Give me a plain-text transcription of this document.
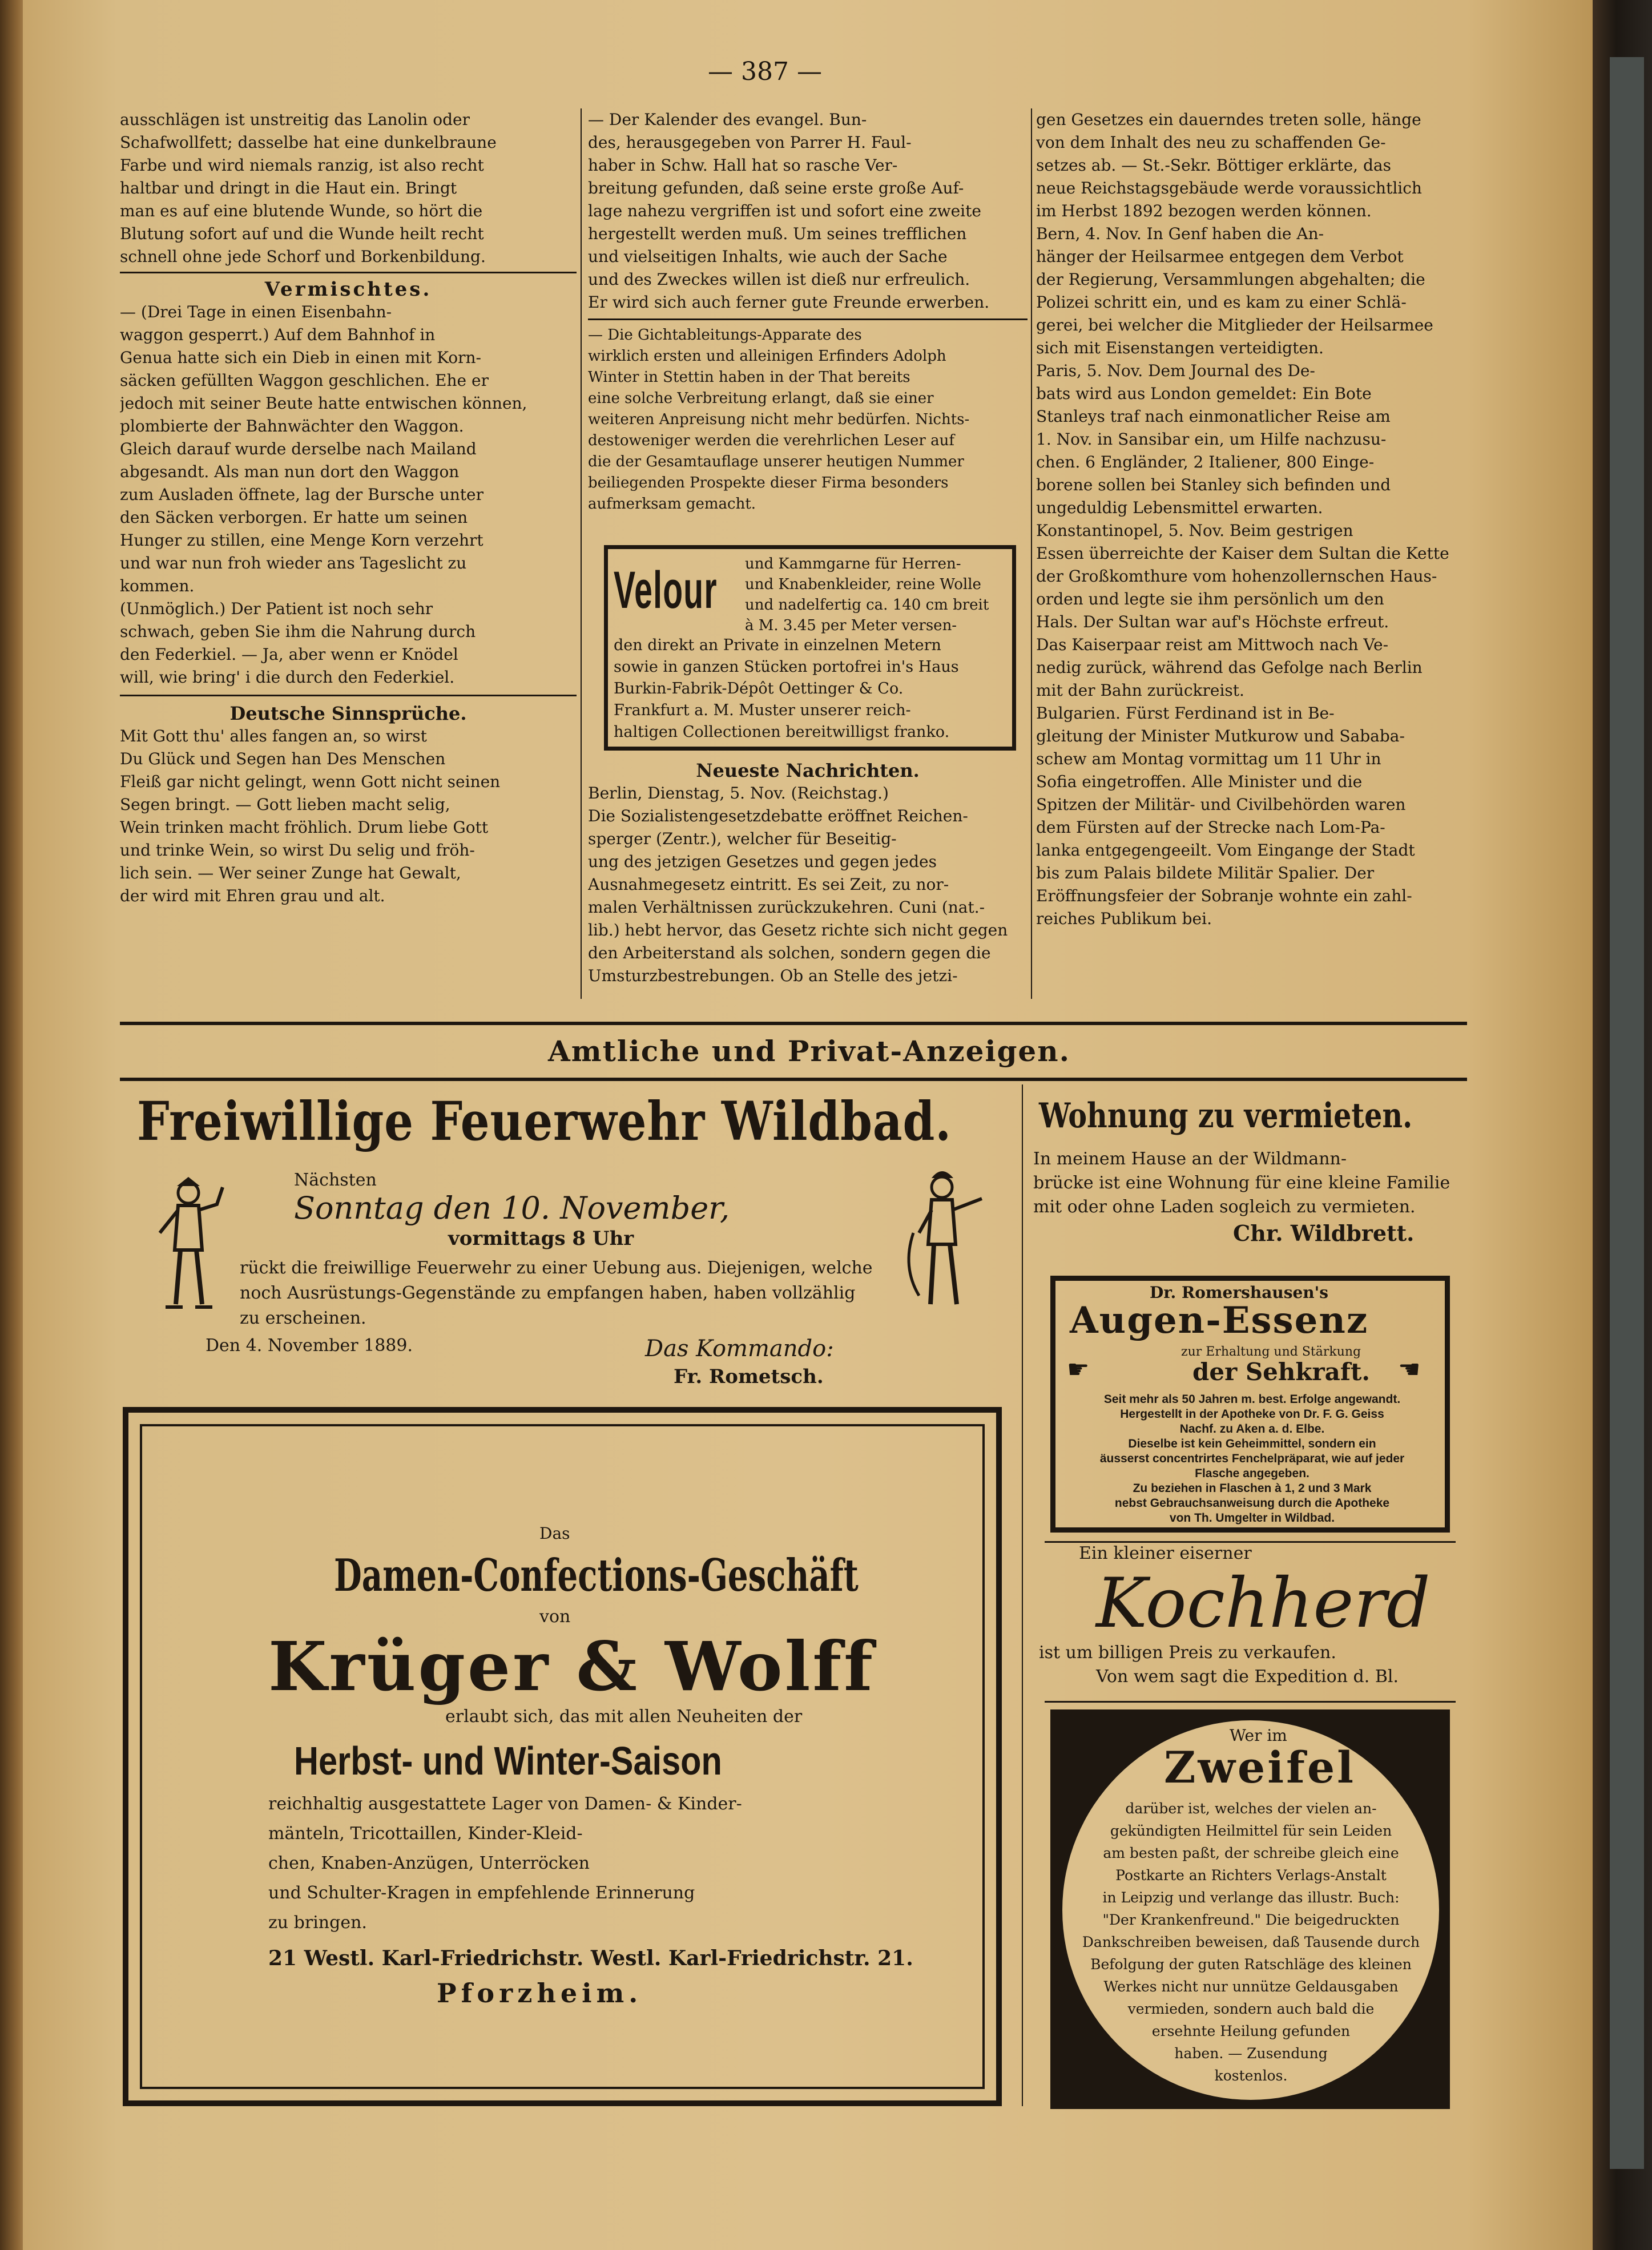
— 387 —

ausschlägen ist unstreitig das Lanolin oder

Schafwollfett; dasselbe hat eine dunkelbraune

Farbe und wird niemals ranzig, ist also recht

haltbar und dringt in die Haut ein. Bringt

man es auf eine blutende Wunde, so hört die

Blutung sofort auf und die Wunde heilt recht

schnell ohne jede Schorf und Borkenbildung.

Vermischtes.

— (Drei Tage in einen Eisenbahn-

waggon gesperrt.) Auf dem Bahnhof in

Genua hatte sich ein Dieb in einen mit Korn-

säcken gefüllten Waggon geschlichen. Ehe er

jedoch mit seiner Beute hatte entwischen können,

plombierte der Bahnwächter den Waggon.

Gleich darauf wurde derselbe nach Mailand

abgesandt. Als man nun dort den Waggon

zum Ausladen öffnete, lag der Bursche unter

den Säcken verborgen. Er hatte um seinen

Hunger zu stillen, eine Menge Korn verzehrt

und war nun froh wieder ans Tageslicht zu

kommen.

(Unmöglich.) Der Patient ist noch sehr

schwach, geben Sie ihm die Nahrung durch

den Federkiel. — Ja, aber wenn er Knödel

will, wie bring' i die durch den Federkiel.

Deutsche Sinnsprüche.

Mit Gott thu' alles fangen an, so wirst

Du Glück und Segen han Des Menschen

Fleiß gar nicht gelingt, wenn Gott nicht seinen

Segen bringt. — Gott lieben macht selig,

Wein trinken macht fröhlich. Drum liebe Gott

und trinke Wein, so wirst Du selig und fröh-

lich sein. — Wer seiner Zunge hat Gewalt,

der wird mit Ehren grau und alt.

— Der Kalender des evangel. Bun-

des, herausgegeben von Parrer H. Faul-

haber in Schw. Hall hat so rasche Ver-

breitung gefunden, daß seine erste große Auf-

lage nahezu vergriffen ist und sofort eine zweite

hergestellt werden muß. Um seines trefflichen

und vielseitigen Inhalts, wie auch der Sache

und des Zweckes willen ist dieß nur erfreulich.

Er wird sich auch ferner gute Freunde erwerben.

— Die Gichtableitungs-Apparate des

wirklich ersten und alleinigen Erfinders Adolph

Winter in Stettin haben in der That bereits

eine solche Verbreitung erlangt, daß sie einer

weiteren Anpreisung nicht mehr bedürfen. Nichts-

destoweniger werden die verehrlichen Leser auf

die der Gesamtauflage unserer heutigen Nummer

beiliegenden Prospekte dieser Firma besonders

aufmerksam gemacht.

Velour und Kammgarne für Herren-

und Knabenkleider, reine Wolle

und nadelfertig ca. 140 cm breit

à M. 3.45 per Meter versen-

den direkt an Private in einzelnen Metern

sowie in ganzen Stücken portofrei in's Haus

Burkin-Fabrik-Dépôt Oettinger & Co.

Frankfurt a. M. Muster unserer reich-

haltigen Collectionen bereitwilligst franko.

Neueste Nachrichten.

Berlin, Dienstag, 5. Nov. (Reichstag.)

Die Sozialistengesetzdebatte eröffnet Reichen-

sperger (Zentr.), welcher für Beseitig-

ung des jetzigen Gesetzes und gegen jedes

Ausnahmegesetz eintritt. Es sei Zeit, zu nor-

malen Verhältnissen zurückzukehren. Cuni (nat.-

lib.) hebt hervor, das Gesetz richte sich nicht gegen

den Arbeiterstand als solchen, sondern gegen die

Umsturzbestrebungen. Ob an Stelle des jetzi-

gen Gesetzes ein dauerndes treten solle, hänge

von dem Inhalt des neu zu schaffenden Ge-

setzes ab. — St.-Sekr. Böttiger erklärte, das

neue Reichstagsgebäude werde voraussichtlich

im Herbst 1892 bezogen werden können.

Bern, 4. Nov. In Genf haben die An-

hänger der Heilsarmee entgegen dem Verbot

der Regierung, Versammlungen abgehalten; die

Polizei schritt ein, und es kam zu einer Schlä-

gerei, bei welcher die Mitglieder der Heilsarmee

sich mit Eisenstangen verteidigten.

Paris, 5. Nov. Dem Journal des De-

bats wird aus London gemeldet: Ein Bote

Stanleys traf nach einmonatlicher Reise am

1. Nov. in Sansibar ein, um Hilfe nachzusu-

chen. 6 Engländer, 2 Italiener, 800 Einge-

borene sollen bei Stanley sich befinden und

ungeduldig Lebensmittel erwarten.

Konstantinopel, 5. Nov. Beim gestrigen

Essen überreichte der Kaiser dem Sultan die Kette

der Großkomthure vom hohenzollernschen Haus-

orden und legte sie ihm persönlich um den

Hals. Der Sultan war auf's Höchste erfreut.

Das Kaiserpaar reist am Mittwoch nach Ve-

nedig zurück, während das Gefolge nach Berlin

mit der Bahn zurückreist.

Bulgarien. Fürst Ferdinand ist in Be-

gleitung der Minister Mutkurow und Sababa-

schew am Montag vormittag um 11 Uhr in

Sofia eingetroffen. Alle Minister und die

Spitzen der Militär- und Civilbehörden waren

dem Fürsten auf der Strecke nach Lom-Pa-

lanka entgegengeeilt. Vom Eingange der Stadt

bis zum Palais bildete Militär Spalier. Der

Eröffnungsfeier der Sobranje wohnte ein zahl-

reiches Publikum bei.

Amtliche und Privat-Anzeigen.
Freiwillige Feuerwehr Wildbad.
Nächsten
Sonntag den 10. November,
vormittags 8 Uhr

rückt die freiwillige Feuerwehr zu einer Uebung aus. Diejenigen, welche

noch Ausrüstungs-Gegenstände zu empfangen haben, haben vollzählig

zu erscheinen.

Den 4. November 1889.	Das Kommando:
Fr. Rometsch.
Das
Damen-Confections-Geschäft
von
Krüger & Wolff
erlaubt sich, das mit allen Neuheiten der
Herbst- und Winter-Saison

reichhaltig ausgestattete Lager von Damen- & Kinder-

mänteln, Tricottaillen, Kinder-Kleid-

chen, Knaben-Anzügen, Unterröcken

und Schulter-Kragen in empfehlende Erinnerung

zu bringen.

21 Westl. Karl-Friedrichstr. Westl. Karl-Friedrichstr. 21.
Pforzheim.
Wohnung zu vermieten.

In meinem Hause an der Wildmann-

brücke ist eine Wohnung für eine kleine Familie

mit oder ohne Laden sogleich zu vermieten.

Chr. Wildbrett.
Dr. Romershausen's
Augen-Essenz
zur Erhaltung und Stärkung
☛	der Sehkraft. ☛

Seit mehr als 50 Jahren m. best. Erfolge angewandt.

Hergestellt in der Apotheke von Dr. F. G. Geiss

Nachf. zu Aken a. d. Elbe.

Dieselbe ist kein Geheimmittel, sondern ein

äusserst concentrirtes Fenchelpräparat, wie auf jeder

Flasche angegeben.

Zu beziehen in Flaschen à 1, 2 und 3 Mark

nebst Gebrauchsanweisung durch die Apotheke

von Th. Umgelter in Wildbad.

Ein kleiner eiserner
Kochherd
ist um billigen Preis zu verkaufen.
Von wem sagt die Expedition d. Bl.
Wer im
Zweifel

darüber ist, welches der vielen an-

gekündigten Heilmittel für sein Leiden

am besten paßt, der schreibe gleich eine

Postkarte an Richters Verlags-Anstalt

in Leipzig und verlange das illustr. Buch:

"Der Krankenfreund." Die beigedruckten

Dankschreiben beweisen, daß Tausende durch

Befolgung der guten Ratschläge des kleinen

Werkes nicht nur unnütze Geldausgaben

vermieden, sondern auch bald die

ersehnte Heilung gefunden

haben. — Zusendung

kostenlos.
